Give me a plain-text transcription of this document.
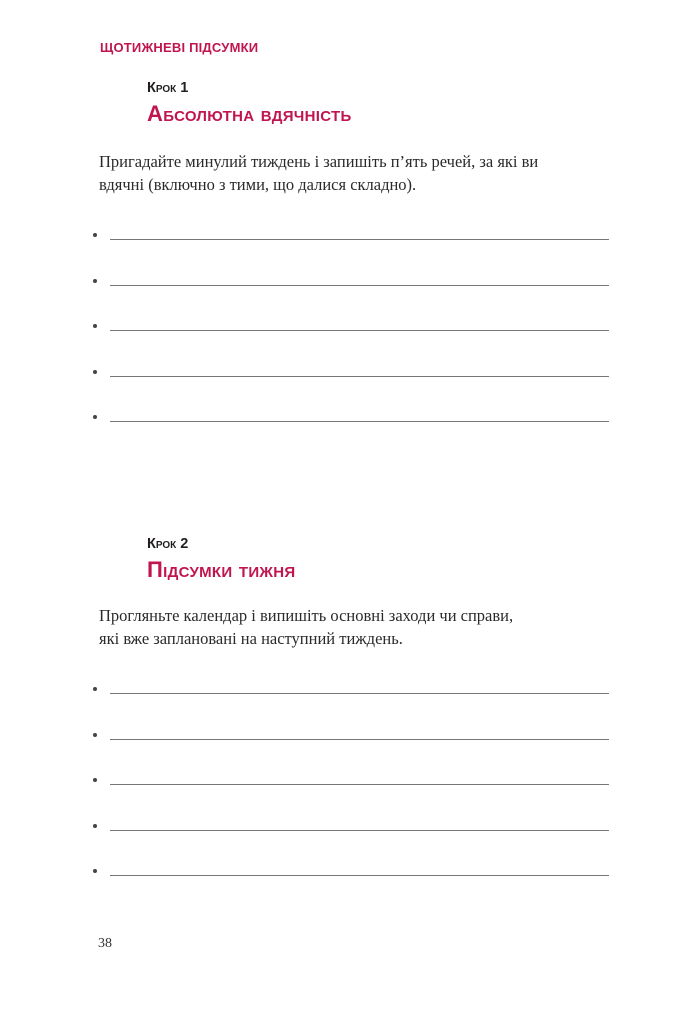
ЩОТИЖНЕВІ ПІДСУМКИ
Крок 1
Абсолютна вдячність
Пригадайте минулий тиждень і запишіть п’ять речей, за які ви
вдячні (включно з тими, що далися складно).
Крок 2
Підсумки тижня
Прогляньте календар і випишіть основні заходи чи справи,
які вже заплановані на наступний тиждень.
38
